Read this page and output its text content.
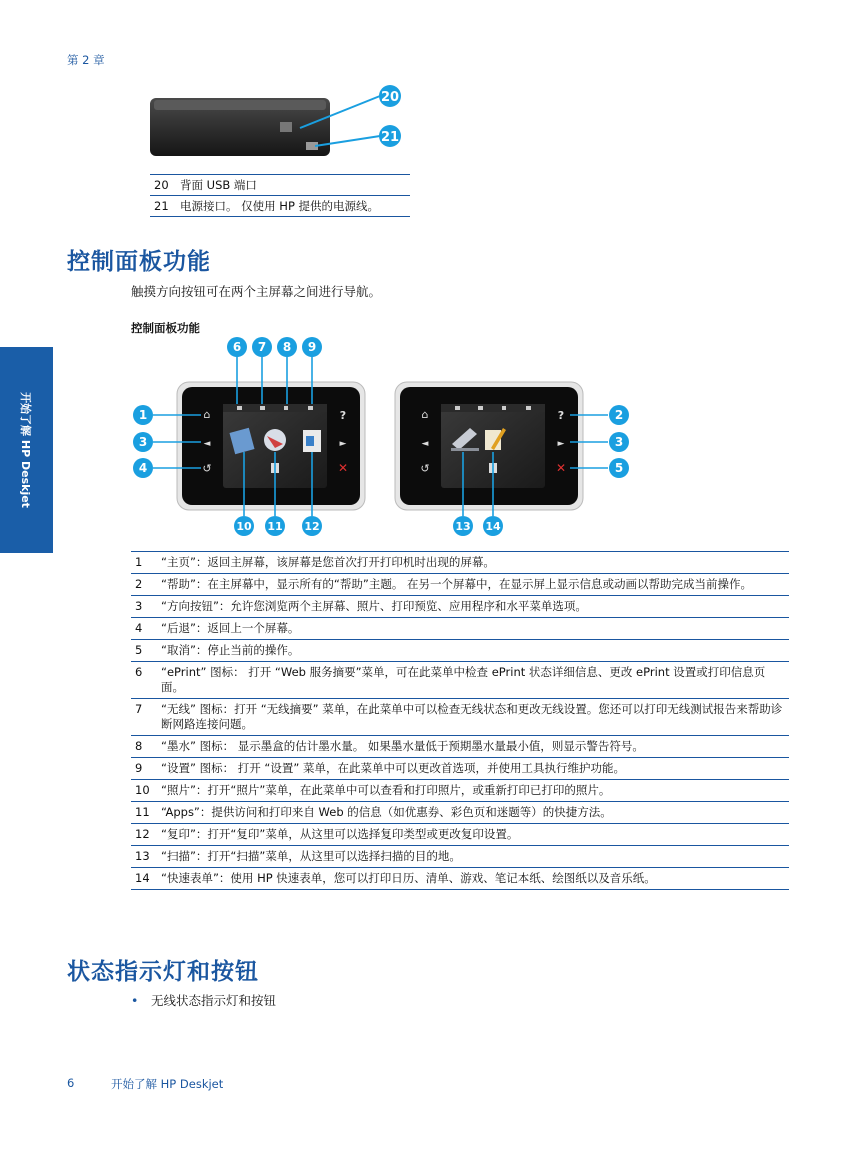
第 2 章
开始了解 HP Deskjet
20
21
20	背面 USB 端口
21	电源接口。 仅使用 HP 提供的电源线。
控制面板功能
触摸方向按钮可在两个主屏幕之间进行导航。
控制面板功能
⌂
◄
↺
?
►
✕
⌂
◄
↺
?
►
✕
1
3
4
6 7 8 9
10 11 12
2
3
5
13 14
1	“主页”：返回主屏幕，该屏幕是您首次打开打印机时出现的屏幕。
2	“帮助”：在主屏幕中，显示所有的“帮助”主题。 在另一个屏幕中，在显示屏上显示信息或动画以帮助完成当前操作。
3	“方向按钮”：允许您浏览两个主屏幕、照片、打印预览、应用程序和水平菜单选项。
4	“后退”：返回上一个屏幕。
5	“取消”：停止当前的操作。
6	“ePrint” 图标： 打开 “Web 服务摘要”菜单，可在此菜单中检查 ePrint 状态详细信息、更改 ePrint 设置或打印信息页面。
7	“无线” 图标：打开 “无线摘要” 菜单，在此菜单中可以检查无线状态和更改无线设置。您还可以打印无线测试报告来帮助诊断网路连接问题。
8	“墨水” 图标： 显示墨盒的估计墨水量。 如果墨水量低于预期墨水量最小值，则显示警告符号。
9	“设置” 图标： 打开 “设置” 菜单，在此菜单中可以更改首选项，并使用工具执行维护功能。
10	“照片”：打开“照片”菜单，在此菜单中可以查看和打印照片，或重新打印已打印的照片。
11	“Apps”：提供访问和打印来自 Web 的信息（如优惠券、彩色页和迷题等）的快捷方法。
12	“复印”：打开“复印”菜单，从这里可以选择复印类型或更改复印设置。
13	“扫描”：打开“扫描”菜单，从这里可以选择扫描的目的地。
14	“快速表单”：使用 HP 快速表单，您可以打印日历、清单、游戏、笔记本纸、绘图纸以及音乐纸。
状态指示灯和按钮
• 无线状态指示灯和按钮
6	开始了解 HP Deskjet
